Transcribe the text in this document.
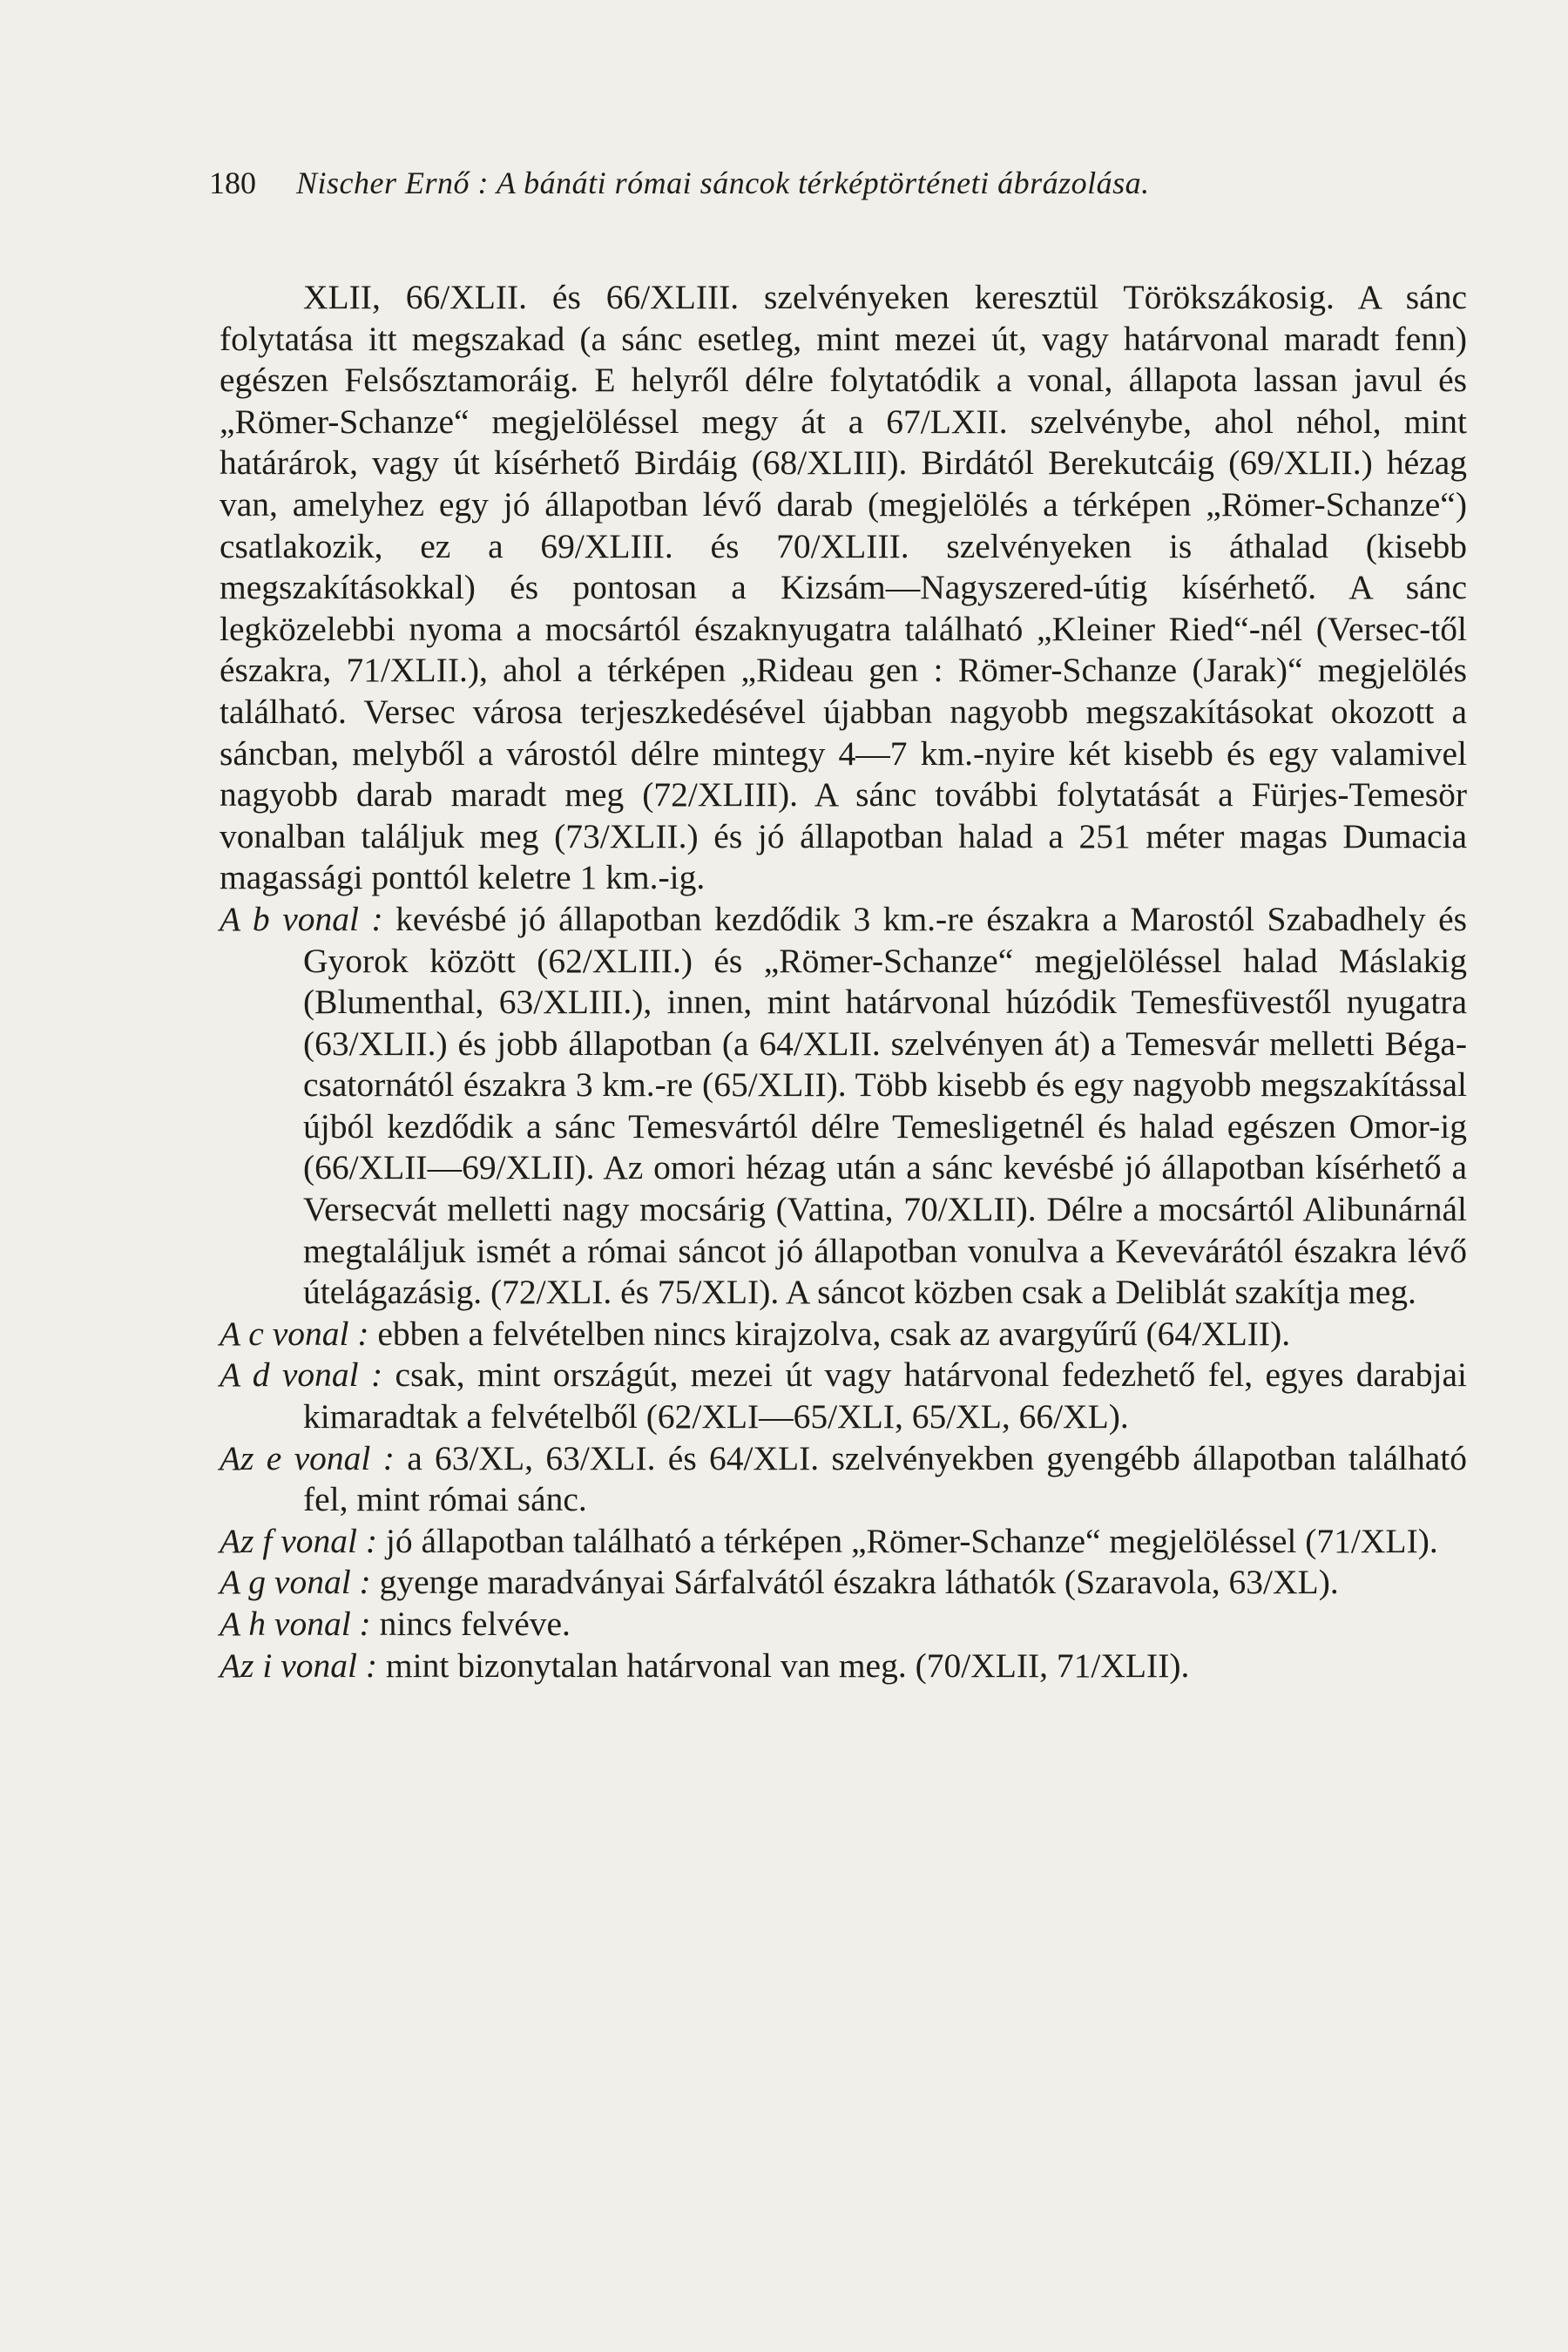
180 Nischer Ernő : A bánáti római sáncok térképtörténeti ábrázolása.

XLII, 66/XLII. és 66/XLIII. szelvényeken keresztül Törökszákosig. A sánc folytatása itt megszakad (a sánc esetleg, mint mezei út, vagy határvonal maradt fenn) egészen Felsősztamoráig. E helyről délre folytatódik a vonal, állapota lassan javul és „Römer-Schanze“ megjelöléssel megy át a 67/LXII. szelvénybe, ahol néhol, mint határárok, vagy út kísérhető Birdáig (68/XLIII). Birdától Berekutcáig (69/XLII.) hézag van, amelyhez egy jó állapotban lévő darab (megjelölés a térképen „Römer-Schanze“) csatlakozik, ez a 69/XLIII. és 70/XLIII. szelvényeken is áthalad (kisebb megszakításokkal) és pontosan a Kizsám—Nagyszered-útig kísérhető. A sánc legközelebbi nyoma a mocsártól északnyugatra található „Kleiner Ried“-nél (Versec-től északra, 71/XLII.), ahol a térképen „Rideau gen : Römer-Schanze (Jarak)“ megjelölés található. Versec városa terjeszkedésével újabban nagyobb megszakításokat okozott a sáncban, melyből a várostól délre mintegy 4—7 km.-nyire két kisebb és egy valamivel nagyobb darab maradt meg (72/XLIII). A sánc további folytatását a Fürjes-Temesör vonalban találjuk meg (73/XLII.) és jó állapotban halad a 251 méter magas Dumacia magassági ponttól keletre 1 km.-ig.

A b vonal : kevésbé jó állapotban kezdődik 3 km.-re északra a Marostól Szabadhely és Gyorok között (62/XLIII.) és „Römer-Schanze“ megjelöléssel halad Máslakig (Blumenthal, 63/XLIII.), innen, mint határvonal húzódik Temesfüvestől nyugatra (63/XLII.) és jobb állapotban (a 64/XLII. szelvényen át) a Temesvár melletti Béga-csatornától északra 3 km.-re (65/XLII). Több kisebb és egy nagyobb megszakítással újból kezdődik a sánc Temesvártól délre Temesligetnél és halad egészen Omor-ig (66/XLII—69/XLII). Az omori hézag után a sánc kevésbé jó állapotban kísérhető a Versecvát melletti nagy mocsárig (Vattina, 70/XLII). Délre a mocsártól Alibunárnál megtaláljuk ismét a római sáncot jó állapotban vonulva a Kevevárától északra lévő útelágazásig. (72/XLI. és 75/XLI). A sáncot közben csak a Deliblát szakítja meg.

A c vonal : ebben a felvételben nincs kirajzolva, csak az avargyűrű (64/XLII).

A d vonal : csak, mint országút, mezei út vagy határvonal fedezhető fel, egyes darabjai kimaradtak a felvételből (62/XLI—65/XLI, 65/XL, 66/XL).

Az e vonal : a 63/XL, 63/XLI. és 64/XLI. szelvényekben gyengébb állapotban található fel, mint római sánc.

Az f vonal : jó állapotban található a térképen „Römer-Schanze“ megjelöléssel (71/XLI).

A g vonal : gyenge maradványai Sárfalvától északra láthatók (Szaravola, 63/XL).

A h vonal : nincs felvéve.

Az i vonal : mint bizonytalan határvonal van meg. (70/XLII, 71/XLII).
